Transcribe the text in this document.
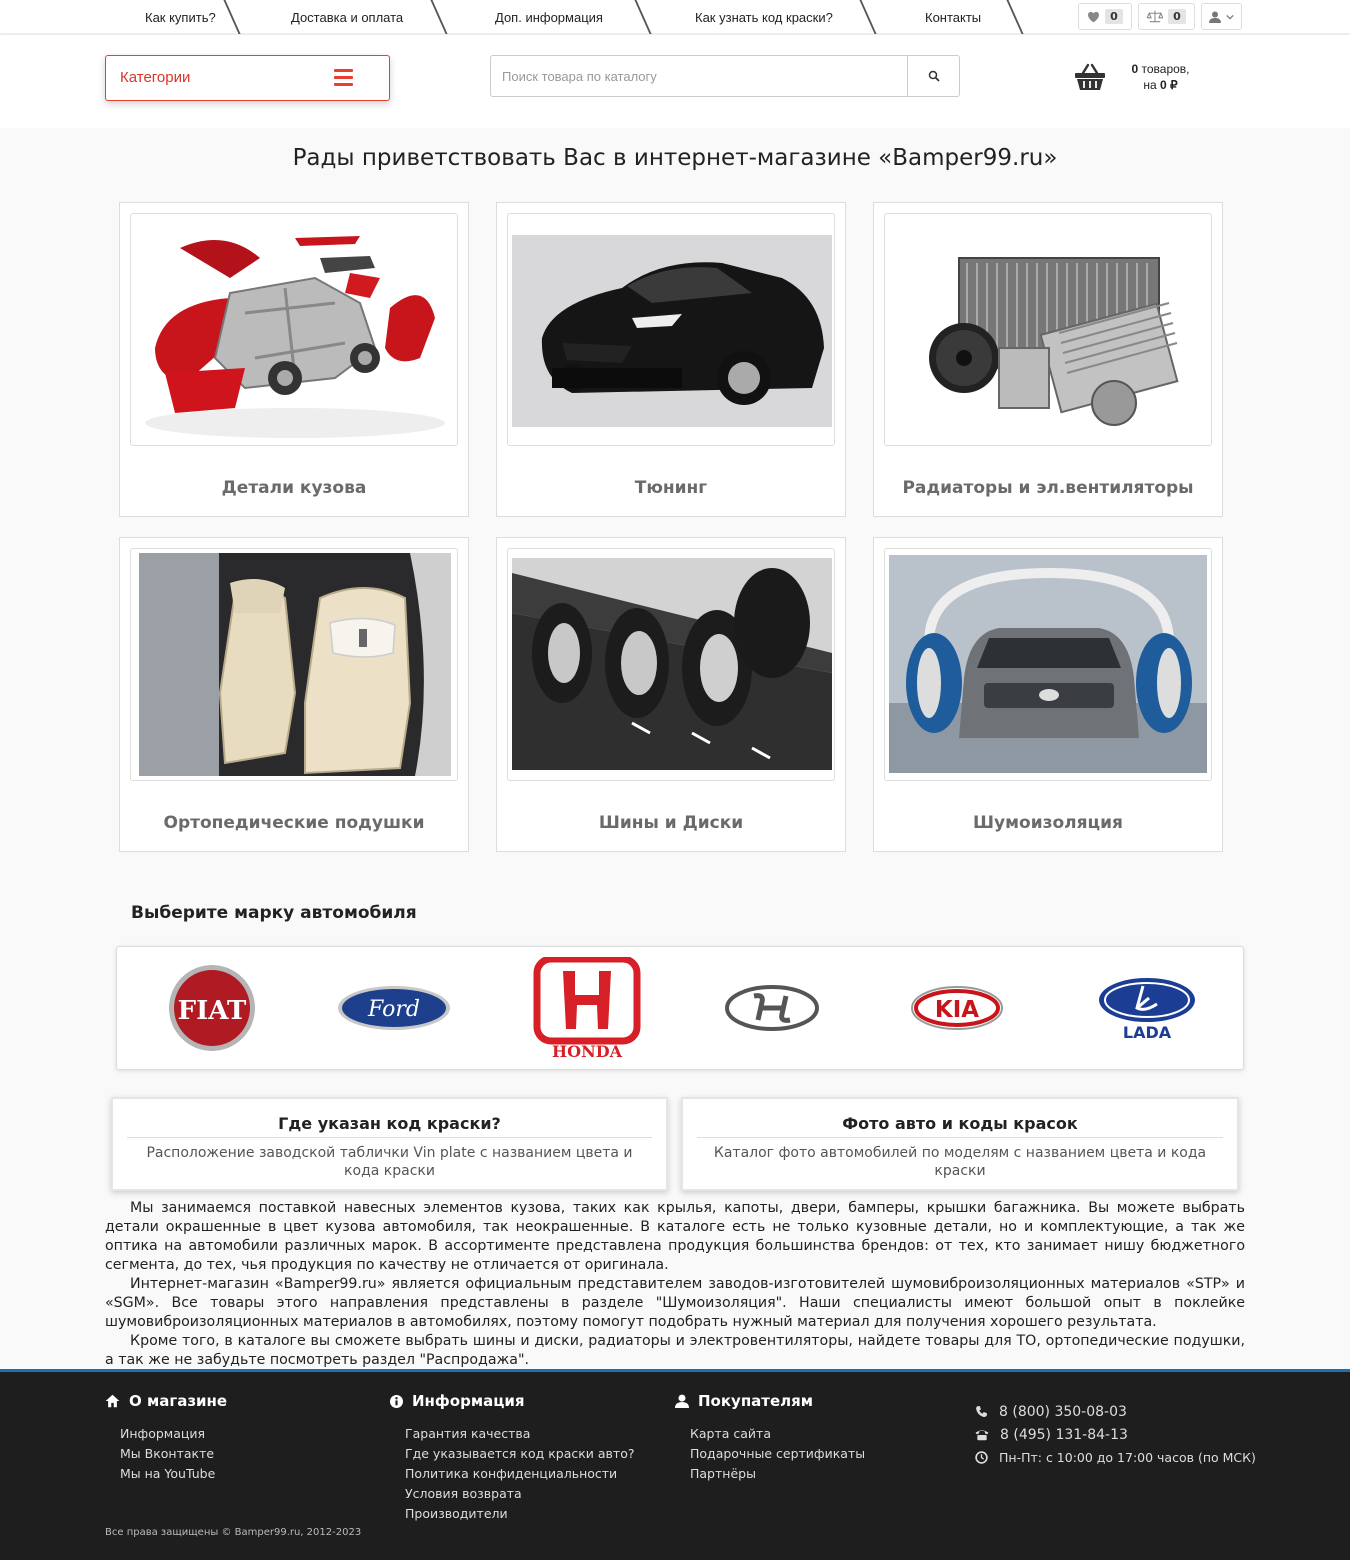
Как купить?	Доставка и оплата	Доп. информация	Как узнать код краски?	Контакты	0	0
Категории
Поиск товара по каталогу	0 товаров,
на 0 ₽
Рады приветствовать Вас в интернет-магазине «Bamper99.ru»
Детали кузова	Тюнинг	Радиаторы и эл.вентиляторы
Ортопедические подушки	Шины и Диски	Шумоизоляция
Выберите марку автомобиля
FIAT	Ford
HONDA
KIA
LADA
Где указан код краски?
Расположение заводской таблички Vin plate с названием цвета и кода краски
Фото авто и коды красок
Каталог фото автомобилей по моделям с названием цвета и кода краски

Мы занимаемся поставкой навесных элементов кузова, таких как крылья, капоты, двери, бамперы, крышки багажника. Вы можете выбрать детали окрашенные в цвет кузова автомобиля, так неокрашенные. В каталоге есть не только кузовные детали, но и комплектующие, а так же оптика на автомобили различных марок. В ассортименте представлена продукция большинства брендов: от тех, кто занимает нишу бюджетного сегмента, до тех, чья продукция по качеству не отличается от оригинала.

Интернет-магазин «Bamper99.ru» является официальным представителем заводов-изготовителей шумовиброизоляционных материалов «STP» и «SGM». Все товары этого направления представлены в разделе "Шумоизоляция". Наши специалисты имеют большой опыт в поклейке шумовиброизоляционных материалов в автомобилях, поэтому помогут подобрать нужный материал для получения хорошего результата.

Кроме того, в каталоге вы сможете выбрать шины и диски, радиаторы и электровентиляторы, найдете товары для ТО, ортопедические подушки, а так же не забудьте посмотреть раздел "Распродажа".

О магазине
Информация
Мы Вконтакте
Мы на YouTube
Информация
Гарантия качества
Где указывается код краски авто?
Политика конфиденциальности
Условия возврата
Производители
Покупателям
Карта сайта
Подарочные сертификаты
Партнёры
8 (800) 350-08-03
8 (495) 131-84-13
Пн-Пт: с 10:00 до 17:00 часов (по МСК)
Все права защищены © Bamper99.ru, 2012-2023
